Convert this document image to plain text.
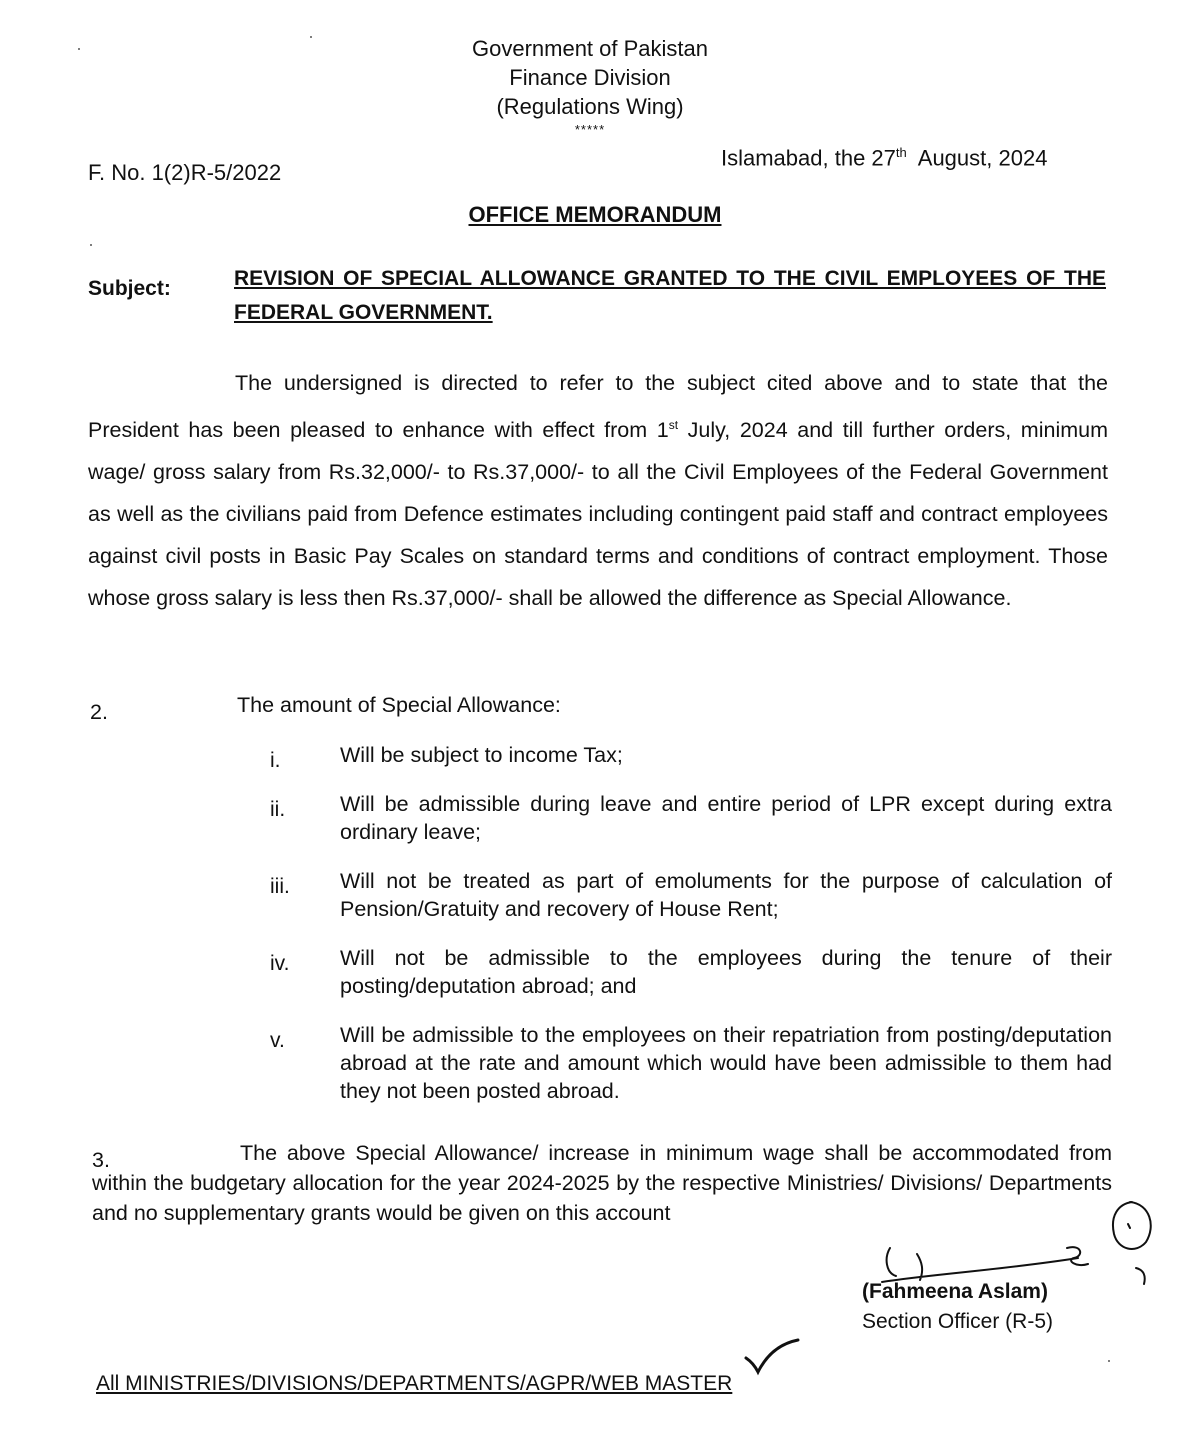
Government of Pakistan
Finance Division
(Regulations Wing)
*****
F. No. 1(2)R-5/2022
Islamabad, the 27th August, 2024
OFFICE MEMORANDUM
Subject:	REVISION OF SPECIAL ALLOWANCE GRANTED TO THE CIVIL EMPLOYEES OF THE FEDERAL GOVERNMENT.
The undersigned is directed to refer to the subject cited above and to state that the President has been pleased to enhance with effect from 1st July, 2024 and till further orders, minimum wage/ gross salary from Rs.32,000/- to Rs.37,000/- to all the Civil Employees of the Federal Government as well as the civilians paid from Defence estimates including contingent paid staff and contract employees against civil posts in Basic Pay Scales on standard terms and conditions of contract employment. Those whose gross salary is less then Rs.37,000/- shall be allowed the difference as Special Allowance.
2.	The amount of Special Allowance:
i.	Will be subject to income Tax;
ii.	Will be admissible during leave and entire period of LPR except during extra ordinary leave;
iii.	Will not be treated as part of emoluments for the purpose of calculation of Pension/Gratuity and recovery of House Rent;
iv.	Will not be admissible to the employees during the tenure of their posting/deputation abroad; and
v.	Will be admissible to the employees on their repatriation from posting/deputation abroad at the rate and amount which would have been admissible to them had they not been posted abroad.
3.	The above Special Allowance/ increase in minimum wage shall be accommodated from within the budgetary allocation for the year 2024-2025 by the respective Ministries/ Divisions/ Departments and no supplementary grants would be given on this account
(Fahmeena Aslam)
Section Officer (R-5)
All MINISTRIES/DIVISIONS/DEPARTMENTS/AGPR/WEB MASTER
